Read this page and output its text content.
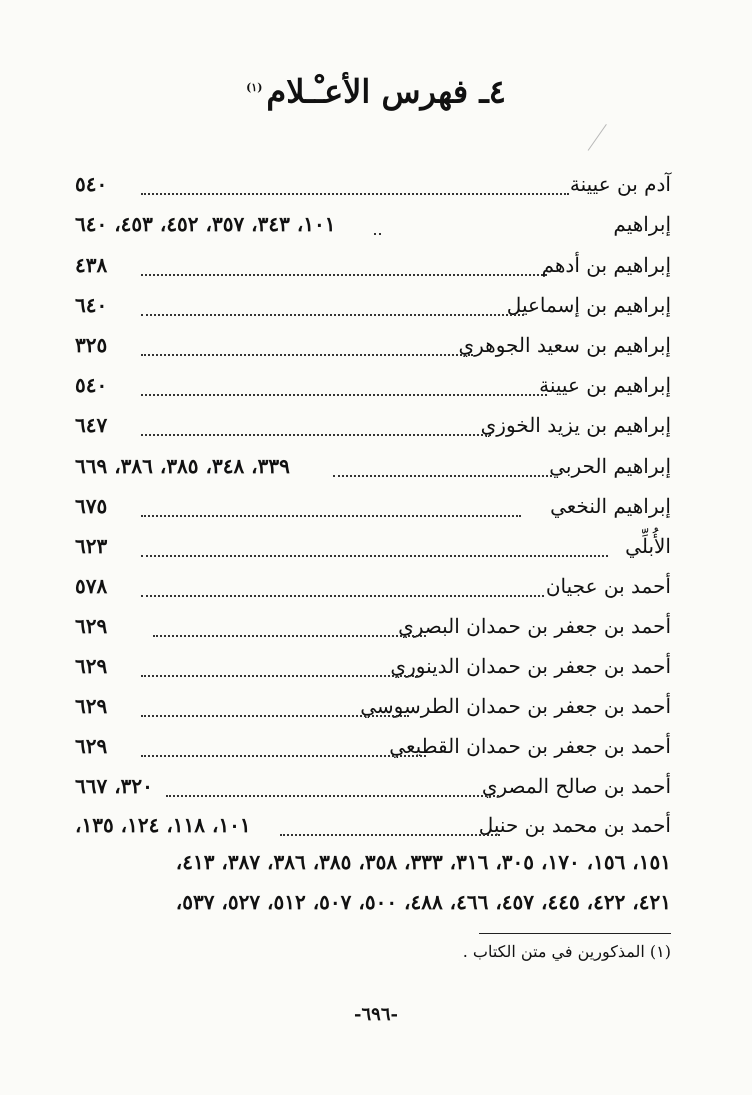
٤ـ فهرس الأعـْـلام$^{(١)}$
آدم بن عيينة
٥٤٠
إبراهيم
١٠١، ٣٤٣، ٣٥٧، ٤٥٢، ٤٥٣، ٦٤٠
إبراهيم بن أدهم
٤٣٨
إبراهيم بن إسماعيل
٦٤٠
إبراهيم بن سعيد الجوهري
٣٢٥
إبراهيم بن عيينة
٥٤٠
إبراهيم بن يزيد الخوزي
٦٤٧
إبراهيم الحربي
٣٣٩، ٣٤٨، ٣٨٥، ٣٨٦، ٦٦٩
إبراهيم النخعي
٦٧٥
الأُبلِّي
٦٢٣
أحمد بن عجيان
٥٧٨
أحمد بن جعفر بن حمدان البصري
٦٢٩
أحمد بن جعفر بن حمدان الدينوري
٦٢٩
أحمد بن جعفر بن حمدان الطرسوسي
٦٢٩
أحمد بن جعفر بن حمدان القطيعي
٦٢٩
أحمد بن صالح المصري
٣٢٠، ٦٦٧
أحمد بن محمد بن حنبل
١٠١، ١١٨، ١٢٤، ١٣٥،
١٥١، ١٥٦، ١٧٠، ٣٠٥، ٣١٦، ٣٣٣، ٣٥٨، ٣٨٥، ٣٨٦، ٣٨٧، ٤١٣،
٤٢١، ٤٢٢، ٤٤٥، ٤٥٧، ٤٦٦، ٤٨٨، ٥٠٠، ٥٠٧، ٥١٢، ٥٢٧، ٥٣٧،
(١) المذكورين في متن الكتاب .
-٦٩٦-
